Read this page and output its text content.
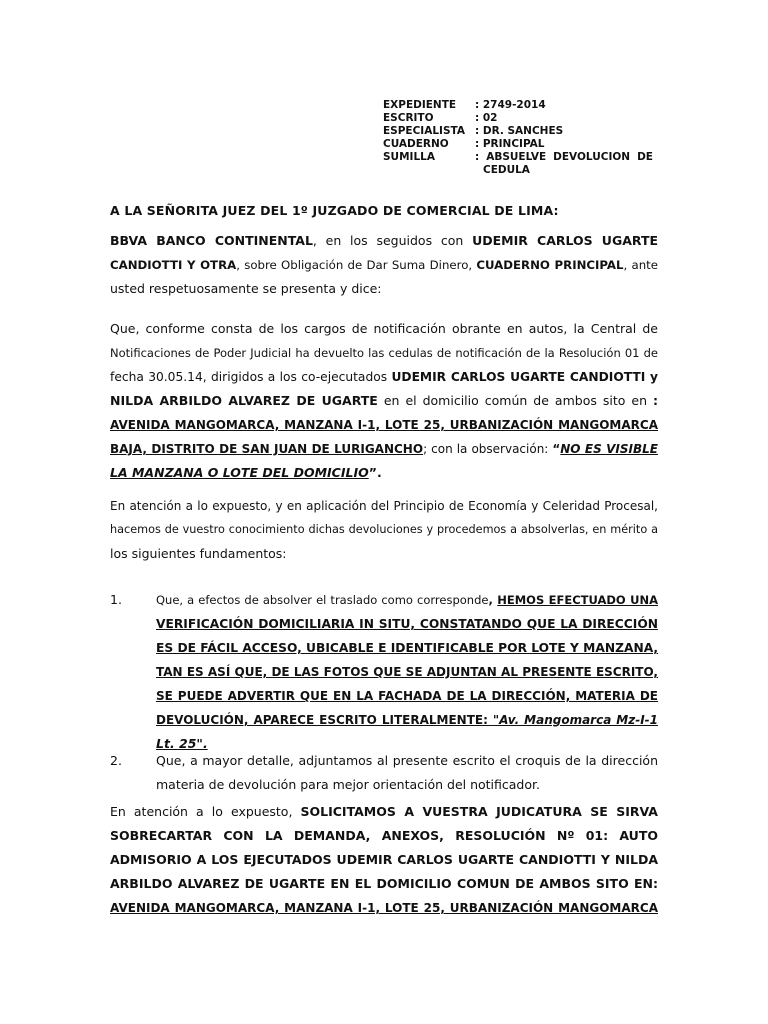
EXPEDIENTE	: 2749-2014
ESCRITO	: 02
ESPECIALISTA : DR. SANCHES
CUADERNO	: PRINCIPAL
SUMILLA	: ABSUELVE DEVOLUCION DE
CEDULA
A LA SEÑORITA JUEZ DEL 1º JUZGADO DE COMERCIAL DE LIMA:
BBVA BANCO CONTINENTAL, en los seguidos con UDEMIR CARLOS UGARTE
CANDIOTTI Y OTRA, sobre Obligación de Dar Suma Dinero, CUADERNO PRINCIPAL, ante
usted respetuosamente se presenta y dice:
Que, conforme consta de los cargos de notificación obrante en autos, la Central de
Notificaciones de Poder Judicial ha devuelto las cedulas de notificación de la Resolución 01 de
fecha 30.05.14, dirigidos a los co-ejecutados UDEMIR CARLOS UGARTE CANDIOTTI y
NILDA ARBILDO ALVAREZ DE UGARTE en el domicilio común de ambos sito en :
AVENIDA MANGOMARCA, MANZANA I-1, LOTE 25, URBANIZACIÓN MANGOMARCA
BAJA, DISTRITO DE SAN JUAN DE LURIGANCHO; con la observación: “NO ES VISIBLE
LA MANZANA O LOTE DEL DOMICILIO”.
En atención a lo expuesto, y en aplicación del Principio de Economía y Celeridad Procesal,
hacemos de vuestro conocimiento dichas devoluciones y procedemos a absolverlas, en mérito a
los siguientes fundamentos:
1.	Que, a efectos de absolver el traslado como corresponde, HEMOS EFECTUADO UNA
VERIFICACIÓN DOMICILIARIA IN SITU, CONSTATANDO QUE LA DIRECCIÓN
ES DE FÁCIL ACCESO, UBICABLE E IDENTIFICABLE POR LOTE Y MANZANA,
TAN ES ASÍ QUE, DE LAS FOTOS QUE SE ADJUNTAN AL PRESENTE ESCRITO,
SE PUEDE ADVERTIR QUE EN LA FACHADA DE LA DIRECCIÓN, MATERIA DE
DEVOLUCIÓN, APARECE ESCRITO LITERALMENTE: "Av. Mangomarca Mz-I-1
Lt. 25".
2.	Que, a mayor detalle, adjuntamos al presente escrito el croquis de la dirección
materia de devolución para mejor orientación del notificador.
En atención a lo expuesto, SOLICITAMOS A VUESTRA JUDICATURA SE SIRVA
SOBRECARTAR CON LA DEMANDA, ANEXOS, RESOLUCIÓN Nº 01: AUTO
ADMISORIO A LOS EJECUTADOS UDEMIR CARLOS UGARTE CANDIOTTI Y NILDA
ARBILDO ALVAREZ DE UGARTE EN EL DOMICILIO COMUN DE AMBOS SITO EN:
AVENIDA MANGOMARCA, MANZANA I-1, LOTE 25, URBANIZACIÓN MANGOMARCA
